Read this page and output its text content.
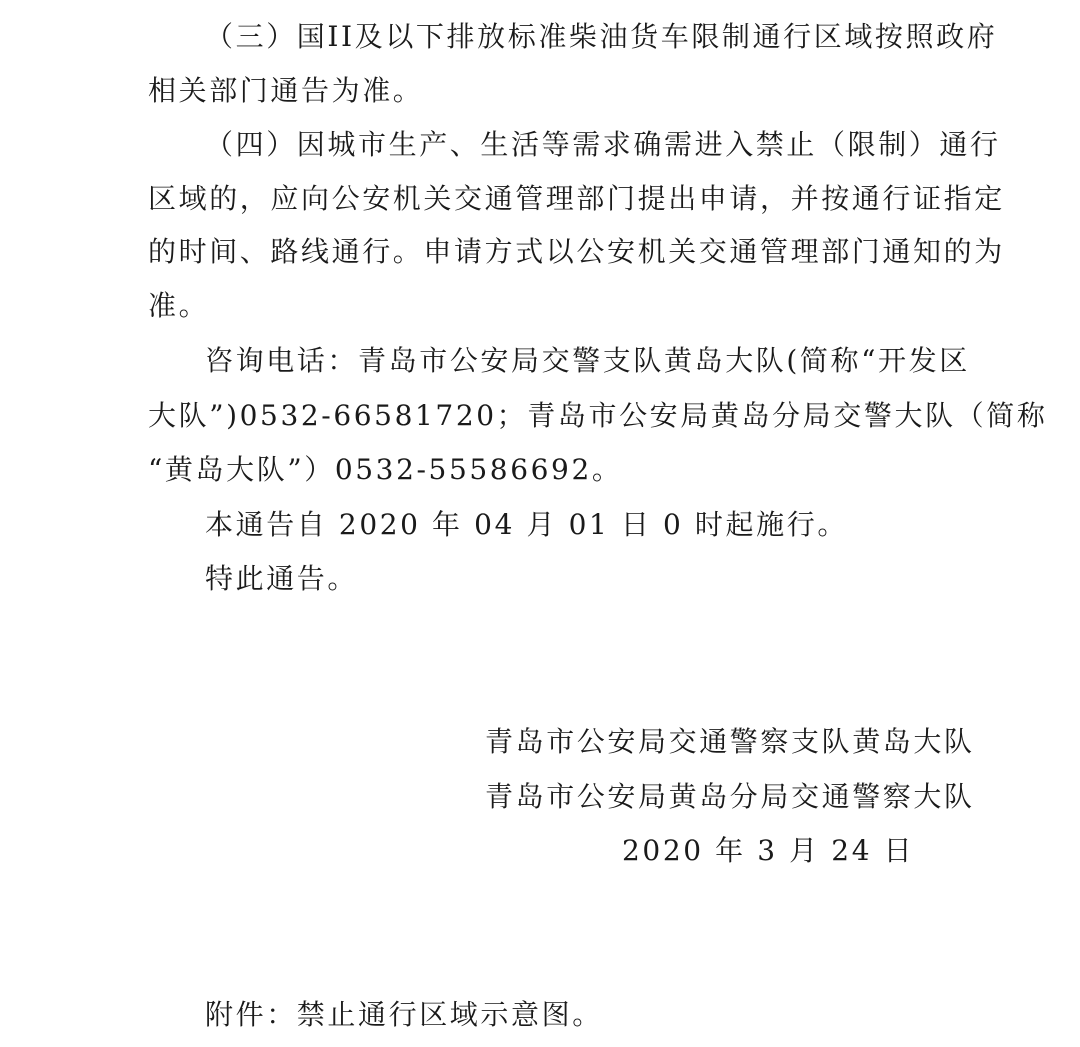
（三）国II及以下排放标准柴油货车限制通行区域按照政府
相关部门通告为准。
（四）因城市生产、生活等需求确需进入禁止（限制）通行
区域的，应向公安机关交通管理部门提出申请，并按通行证指定
的时间、路线通行。申请方式以公安机关交通管理部门通知的为
准。
咨询电话：青岛市公安局交警支队黄岛大队(简称“开发区
大队”)0532-66581720；青岛市公安局黄岛分局交警大队（简称
“黄岛大队”）0532-55586692。
本通告自 2020 年 04 月 01 日 0 时起施行。
特此通告。
青岛市公安局交通警察支队黄岛大队
青岛市公安局黄岛分局交通警察大队
2020 年 3 月 24 日
附件：禁止通行区域示意图。
